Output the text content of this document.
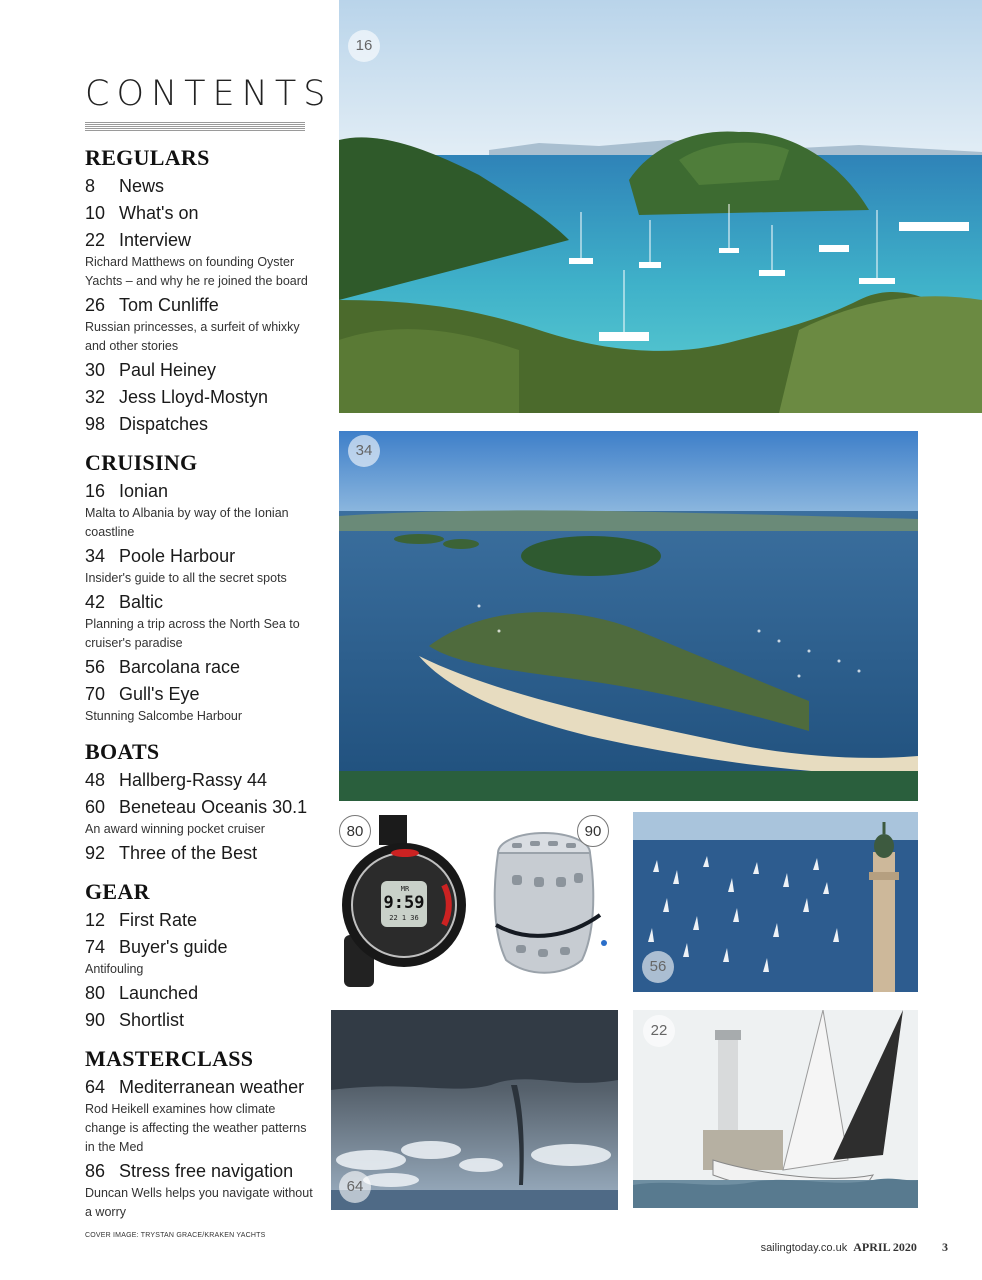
CONTENTS
REGULARS
8 News
10 What's on
22 Interview
Richard Matthews on founding Oyster Yachts – and why he re joined the board
26 Tom Cunliffe
Russian princesses, a surfeit of whixky and other stories
30 Paul Heiney
32 Jess Lloyd-Mostyn
98 Dispatches
CRUISING
16 Ionian
Malta to Albania by way of the Ionian coastline
34 Poole Harbour
Insider's guide to all the secret spots
42 Baltic
Planning a trip across the North Sea to cruiser's paradise
56 Barcolana race
70 Gull's Eye
Stunning Salcombe Harbour
BOATS
48 Hallberg-Rassy 44
60 Beneteau Oceanis 30.1
An award winning pocket cruiser
92 Three of the Best
GEAR
12 First Rate
74 Buyer's guide
Antifouling
80 Launched
90 Shortlist
MASTERCLASS
64 Mediterranean weather
Rod Heikell examines how climate change is affecting the weather patterns in the Med
86 Stress free navigation
Duncan Wells helps you navigate without a worry
COVER IMAGE: TRYSTAN GRACE/KRAKEN YACHTS
16
34
MR
9:59
22 1 36
80	90
56
64
22
sailingtoday.co.uk APRIL 2020 3
